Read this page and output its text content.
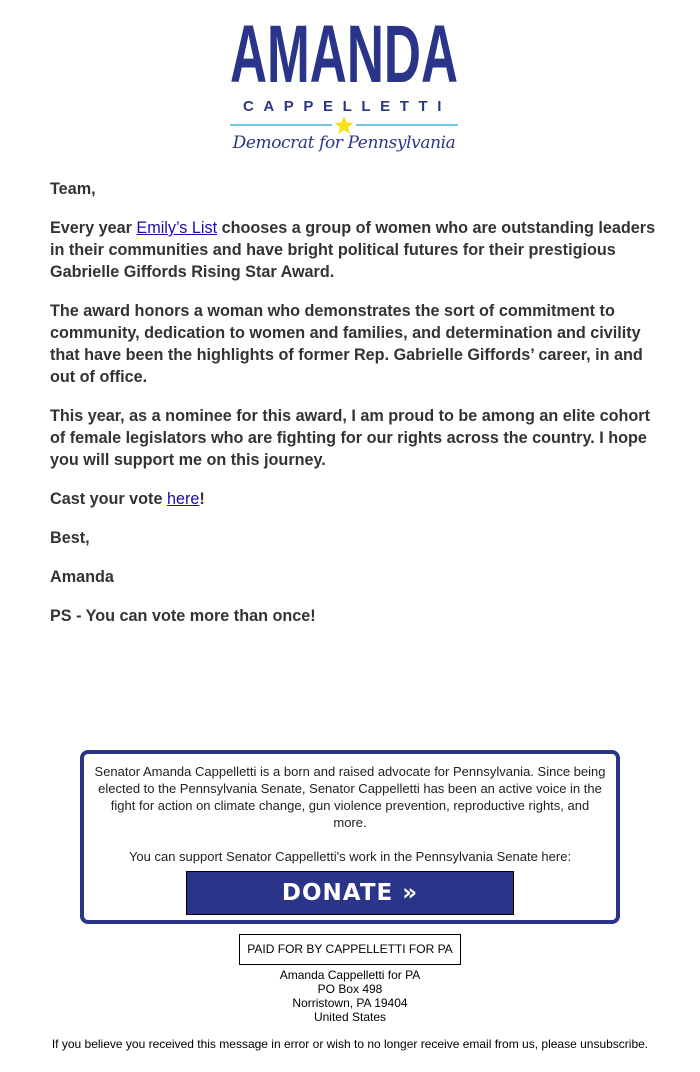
AMANDA
CAPPELLETTI
Democrat for Pennsylvania

Team,

Every year Emily’s List chooses a group of women who are outstanding leaders in their communities and have bright political futures for their prestigious Gabrielle Giffords Rising Star Award.

The award honors a woman who demonstrates the sort of commitment to community, dedication to women and families, and determination and civility that have been the highlights of former Rep. Gabrielle Giffords’ career, in and out of office.

This year, as a nominee for this award, I am proud to be among an elite cohort of female legislators who are fighting for our rights across the country. I hope you will support me on this journey.

Cast your vote here!

Best,

Amanda

PS - You can vote more than once!

Senator Amanda Cappelletti is a born and raised advocate for Pennsylvania. Since being elected to the Pennsylvania Senate, Senator Cappelletti has been an active voice in the fight for action on climate change, gun violence prevention, reproductive rights, and more.

You can support Senator Cappelletti's work in the Pennsylvania Senate here:

DONATE »
PAID FOR BY CAPPELLETTI FOR PA
Amanda Cappelletti for PA
PO Box 498
Norristown, PA 19404
United States
If you believe you received this message in error or wish to no longer receive email from us, please unsubscribe.
